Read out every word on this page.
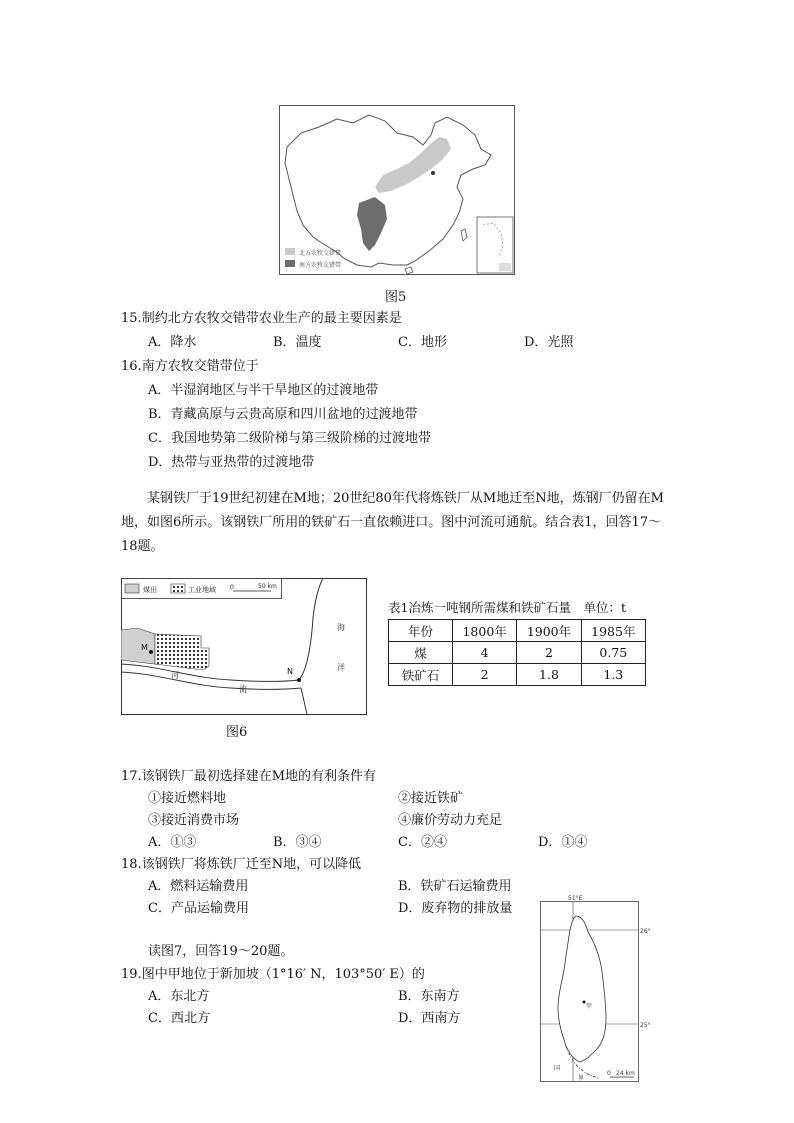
北方农牧交错带
南方农牧交错带
图5
15.制约北方农牧交错带农业生产的最主要因素是
A．降水	B．温度	C．地形	D．光照
16.南方农牧交错带位于
A．半湿润地区与半干旱地区的过渡地带
B．青藏高原与云贵高原和四川盆地的过渡地带
C．我国地势第二级阶梯与第三级阶梯的过渡地带
D．热带与亚热带的过渡地带
某钢铁厂于19世纪初建在M地；20世纪80年代将炼铁厂从M地迁至N地，炼钢厂仍留在M地，如图6所示。该钢铁厂所用的铁矿石一直依赖进口。图中河流可通航。结合表1，回答17～18题。
煤田	工业地域 0	50 km
M
N
河
流
海
洋
图6
表1冶炼一吨钢所需煤和铁矿石量　单位：t
年份	1800年	1900年	1985年
煤	4	2	0.75
铁矿石	2	1.8	1.3
17.该钢铁厂最初选择建在M地的有利条件有
①接近燃料地	②接近铁矿
③接近消费市场	④廉价劳动力充足
A．①③	B．③④	C．②④	D．①④
18.该钢铁厂将炼铁厂迁至N地，可以降低
A．燃料运输费用	B．铁矿石运输费用
C．产品运输费用	D．废弃物的排放量
51°E
26°
25°
甲
国
界
0 24 km
读图7，回答19～20题。
19.图中甲地位于新加坡（1°16′ N，103°50′ E）的
A．东北方	B．东南方
C．西北方	D．西南方
